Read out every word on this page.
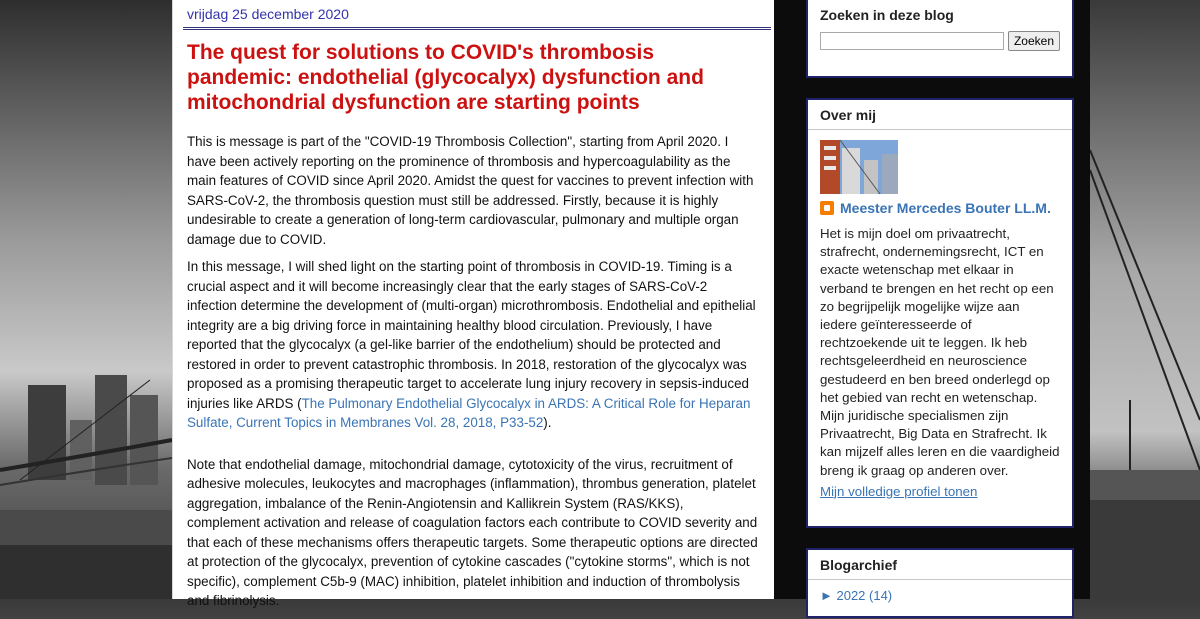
vrijdag 25 december 2020
The quest for solutions to COVID's thrombosis pandemic: endothelial (glycocalyx) dysfunction and mitochondrial dysfunction are starting points

This is message is part of the "COVID-19 Thrombosis Collection", starting from April 2020. I have been actively reporting on the prominence of thrombosis and hypercoagulability as the main features of COVID since April 2020. Amidst the quest for vaccines to prevent infection with SARS-CoV-2, the thrombosis question must still be addressed. Firstly, because it is highly undesirable to create a generation of long-term cardiovascular, pulmonary and multiple organ damage due to COVID.

In this message, I will shed light on the starting point of thrombosis in COVID-19. Timing is a crucial aspect and it will become increasingly clear that the early stages of SARS-CoV-2 infection determine the development of (multi-organ) microthrombosis. Endothelial and epithelial integrity are a big driving force in maintaining healthy blood circulation. Previously, I have reported that the glycocalyx (a gel-like barrier of the endothelium) should be protected and restored in order to prevent catastrophic thrombosis. In 2018, restoration of the glycocalyx was proposed as a promising therapeutic target to accelerate lung injury recovery in sepsis-induced injuries like ARDS (The Pulmonary Endothelial Glycocalyx in ARDS: A Critical Role for Heparan Sulfate, Current Topics in Membranes Vol. 28, 2018, P33-52).

Note that endothelial damage, mitochondrial damage, cytotoxicity of the virus, recruitment of adhesive molecules, leukocytes and macrophages (inflammation), thrombus generation, platelet aggregation, imbalance of the Renin-Angiotensin and Kallikrein System (RAS/KKS), complement activation and release of coagulation factors each contribute to COVID severity and that each of these mechanisms offers therapeutic targets. Some therapeutic options are directed at protection of the glycocalyx, prevention of cytokine cascades ("cytokine storms", which is not specific), complement C5b-9 (MAC) inhibition, platelet inhibition and induction of thrombolysis and fibrinolysis.

Zoeken in deze blog
Zoeken
Over mij
Meester Mercedes Bouter LL.M.
Het is mijn doel om privaatrecht, strafrecht, ondernemingsrecht, ICT en exacte wetenschap met elkaar in verband te brengen en het recht op een zo begrijpelijk mogelijke wijze aan iedere geïnteresseerde of rechtzoekende uit te leggen. Ik heb rechtsgeleerdheid en neuroscience gestudeerd en ben breed onderlegd op het gebied van recht en wetenschap. Mijn juridische specialismen zijn Privaatrecht, Big Data en Strafrecht. Ik kan mijzelf alles leren en die vaardigheid breng ik graag op anderen over.
Mijn volledige profiel tonen
Blogarchief
► 2022 (14)
